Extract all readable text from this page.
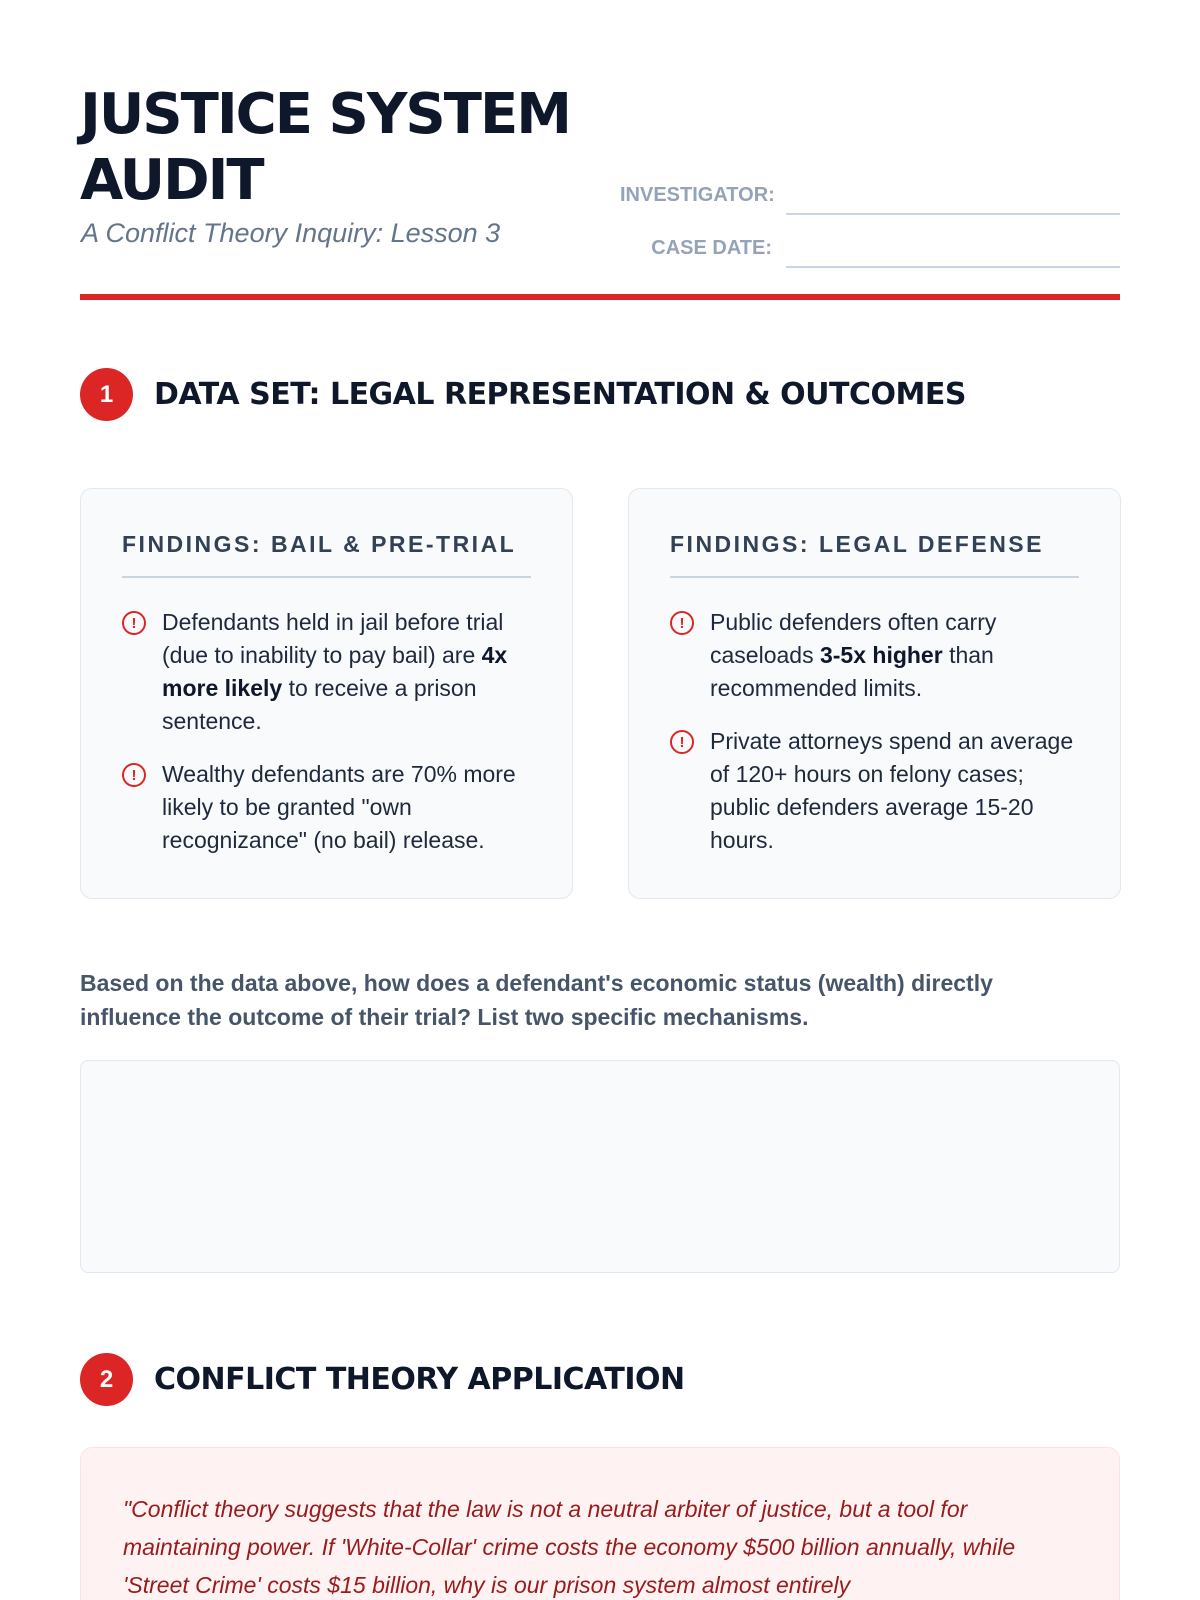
JUSTICE SYSTEM AUDIT
A Conflict Theory Inquiry: Lesson 3
INVESTIGATOR:
CASE DATE:
1	DATA SET: LEGAL REPRESENTATION & OUTCOMES
FINDINGS: BAIL & PRE-TRIAL
!	Defendants held in jail before trial (due to inability to pay bail) are 4x more likely to receive a prison sentence.
!	Wealthy defendants are 70% more likely to be granted "own recognizance" (no bail) release.
FINDINGS: LEGAL DEFENSE
!	Public defenders often carry caseloads 3-5x higher than recommended limits.
!	Private attorneys spend an average of 120+ hours on felony cases; public defenders average 15-20 hours.

Based on the data above, how does a defendant's economic status (wealth) directly influence the outcome of their trial? List two specific mechanisms.

2	CONFLICT THEORY APPLICATION
"Conflict theory suggests that the law is not a neutral arbiter of justice, but a tool for maintaining power. If 'White-Collar' crime costs the economy $500 billion annually, while 'Street Crime' costs $15 billion, why is our prison system almost entirely
